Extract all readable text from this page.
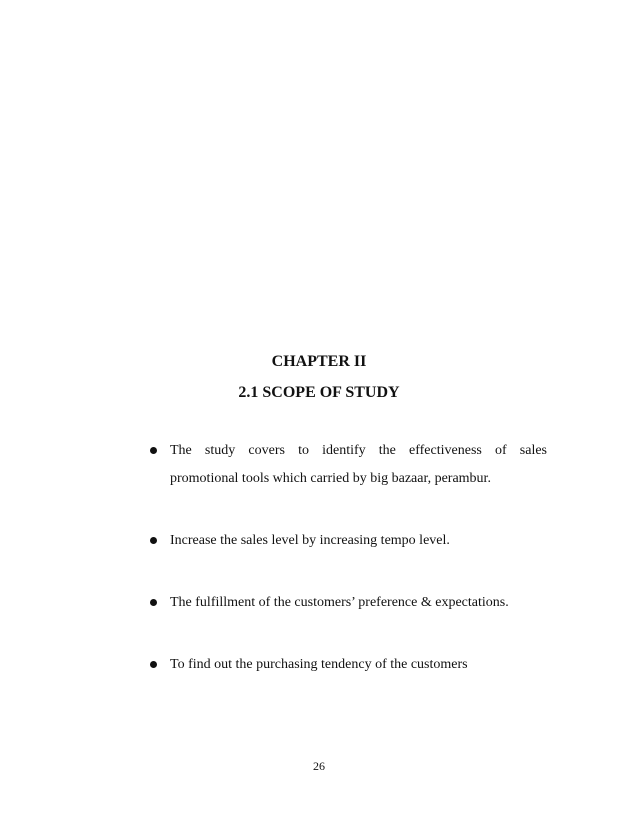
CHAPTER II
2.1 SCOPE OF STUDY
The study covers to identify the effectiveness of sales
promotional tools which carried by big bazaar, perambur.
Increase the sales level by increasing tempo level.
The fulfillment of the customers’ preference & expectations.
To find out the purchasing tendency of the customers
26
